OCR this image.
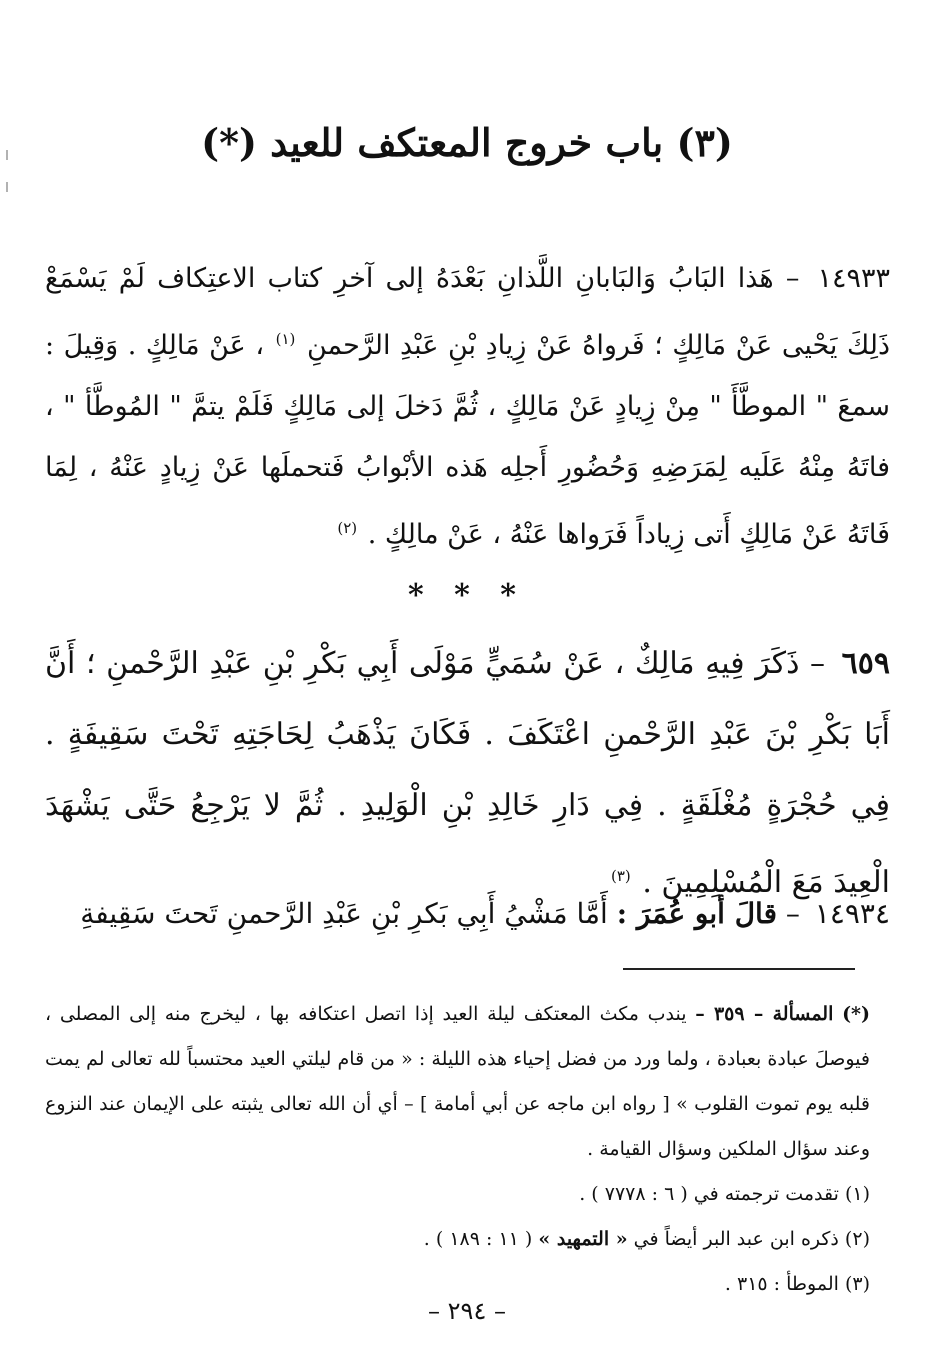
(٣) باب خروج المعتكف للعيد (*)

١٤٩٣٣ – هَذا البَابُ وَالبَابانِ اللَّذانِ بَعْدَهُ إلى آخرِ كتاب الاعتِكاف لَمْ يَسْمَعْ ذَلِكَ يَحْيى عَنْ مَالِكٍ ؛ فَرواهُ عَنْ زِيادِ بْنِ عَبْدِ الرَّحمنِ $^{(١)}$ ، عَنْ مَالِكٍ . وَقِيلَ : سمعَ " الموطَّأَ " مِنْ زِيادٍ عَنْ مَالِكٍ ، ثُمَّ دَخلَ إلى مَالِكٍ فَلَمْ يتمَّ " المُوطَّأ " ، فاتَهُ مِنْهُ عَلَيه لِمَرَضِهِ وَحُضُورِ أَجلِه هَذه الأبْوابُ فَتحملَها عَنْ زِيادٍ عَنْهُ ، لِمَا فَاتَهُ عَنْ مَالِكٍ أَتى زِياداً فَرَواها عَنْهُ ، عَنْ مالِكٍ . $^{(٢)}$

* * *

٦٥٩ – ذَكَرَ فِيهِ مَالِكٌ ، عَنْ سُمَيٍّ مَوْلَى أَبِي بَكْرِ بْنِ عَبْدِ الرَّحْمنِ ؛ أَنَّ أَبَا بَكْرِ بْنَ عَبْدِ الرَّحْمنِ اعْتَكَفَ . فَكَانَ يَذْهَبُ لِحَاجَتِهِ تَحْتَ سَقِيفَةٍ . فِي حُجْرَةٍ مُغْلَقَةٍ . فِي دَارِ خَالِدِ بْنِ الْوَلِيدِ . ثُمَّ لا يَرْجِعُ حَتَّى يَشْهَدَ الْعِيدَ مَعَ الْمُسْلِمِينَ . $^{(٣)}$

١٤٩٣٤ – قالَ أبو عُمَرَ : أَمَّا مَشْيُ أَبِي بَكرِ بْنِ عَبْدِ الرَّحمنِ تَحتَ سَقِيفةِ

(*) المسألة – ٣٥٩ – يندب مكث المعتكف ليلة العيد إذا اتصل اعتكافه بها ، ليخرج منه إلى المصلى ، فيوصلَ عبادة بعبادة ، ولما ورد من فضل إحياء هذه الليلة : « من قام ليلتي العيد محتسباً لله تعالى لم يمت قلبه يوم تموت القلوب » [ رواه ابن ماجه عن أبي أمامة ] – أي أن الله تعالى يثبته على الإيمان عند النزوع وعند سؤال الملكين وسؤال القيامة .

(١) تقدمت ترجمته في ( ٦ : ٧٧٧٨ ) .

(٢) ذكره ابن عبد البر أيضاً في « التمهيد » ( ١١ : ١٨٩ ) .

(٣) الموطأ : ٣١٥ .

– ٢٩٤ –
